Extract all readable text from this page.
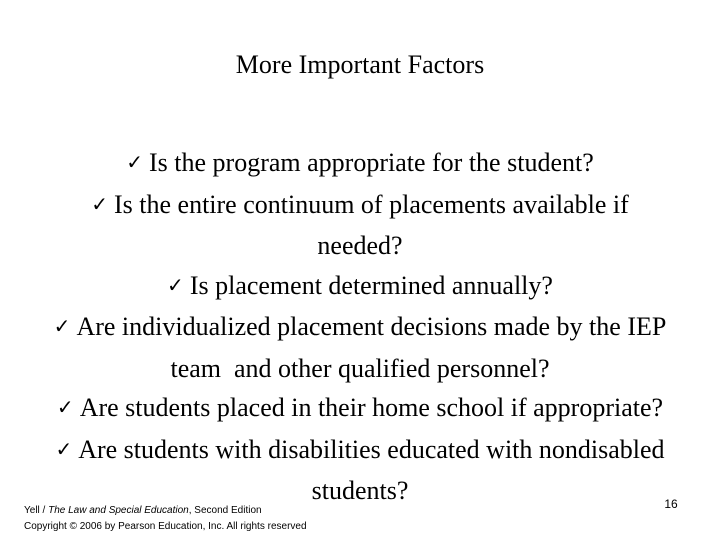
More Important Factors
✓ Is the program appropriate for the student?
✓ Is the entire continuum of placements available if
needed?
✓ Is placement determined annually?
✓ Are individualized placement decisions made by the IEP
team  and other qualified personnel?
✓ Are students placed in their home school if appropriate?
✓ Are students with disabilities educated with nondisabled
students?
Yell / The Law and Special Education, Second Edition
Copyright © 2006 by Pearson Education, Inc. All rights reserved
16
